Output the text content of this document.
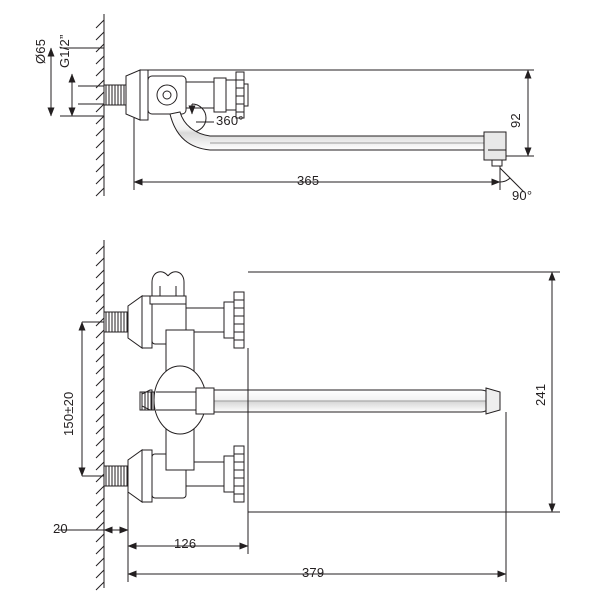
Ø65 G1/2”
360°	92
365
90°
150±20	241
20
126
379
